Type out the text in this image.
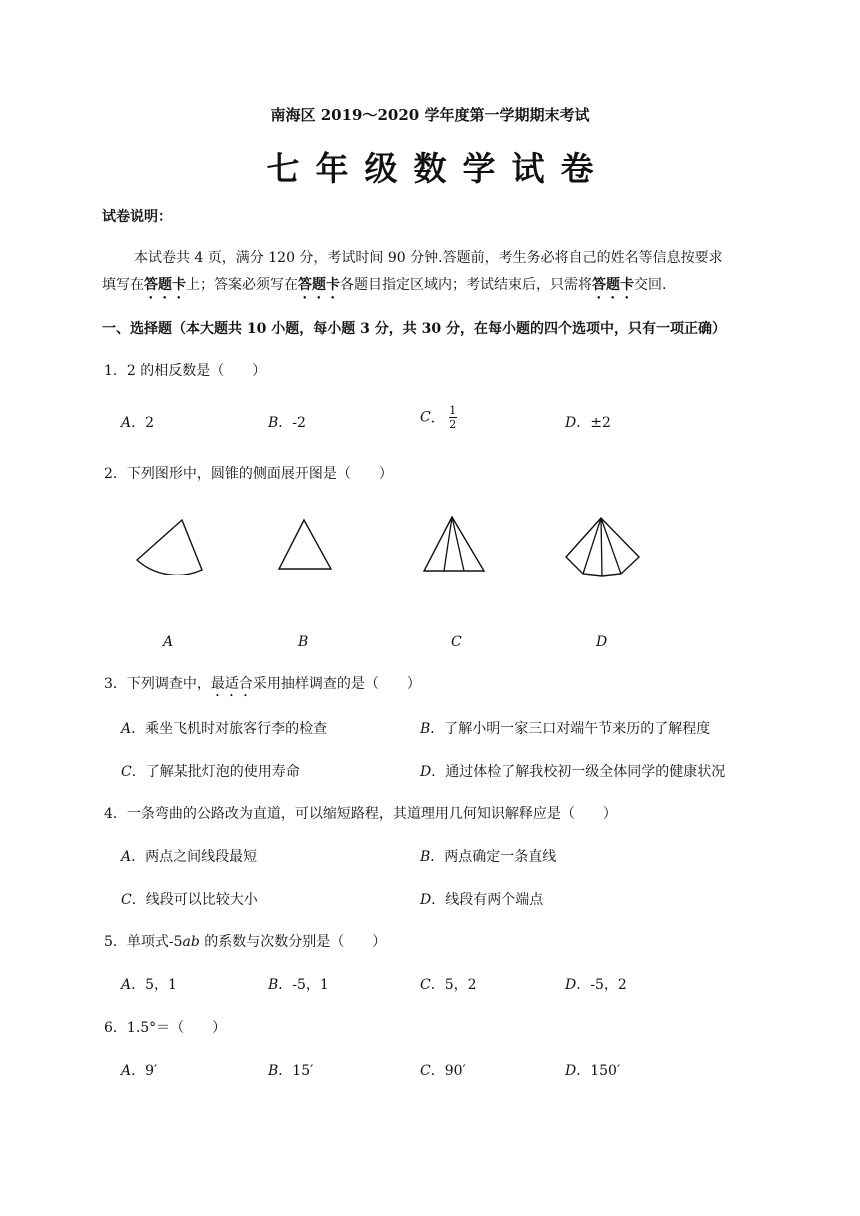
南海区 2019～2020 学年度第一学期期末考试
七年级数学试卷
试卷说明：
本试卷共 4 页，满分 120 分，考试时间 90 分钟.答题前，考生务必将自己的姓名等信息按要求
填写在答题卡上；答案必须写在答题卡各题目指定区域内；考试结束后，只需将答题卡交回.
一、选择题（本大题共 10 小题，每小题 3 分，共 30 分，在每小题的四个选项中，只有一项正确）
1．2 的相反数是（　　）
A．2	B．-2	C． $\frac{1}{2}$	D．±2
2．下列图形中，圆锥的侧面展开图是（　　）
A	B	C	D
3．下列调查中，最适合采用抽样调查的是（　　）
A．乘坐飞机时对旅客行李的检查	B．了解小明一家三口对端午节来历的了解程度
C．了解某批灯泡的使用寿命	D．通过体检了解我校初一级全体同学的健康状况
4．一条弯曲的公路改为直道，可以缩短路程，其道理用几何知识解释应是（　　）
A．两点之间线段最短	B．两点确定一条直线
C．线段可以比较大小	D．线段有两个端点
5．单项式-5ab 的系数与次数分别是（　　）
A．5，1	B．-5，1	C．5，2	D．-5，2
6．1.5°＝（　　）
A．9′	B．15′	C．90′	D．150′
